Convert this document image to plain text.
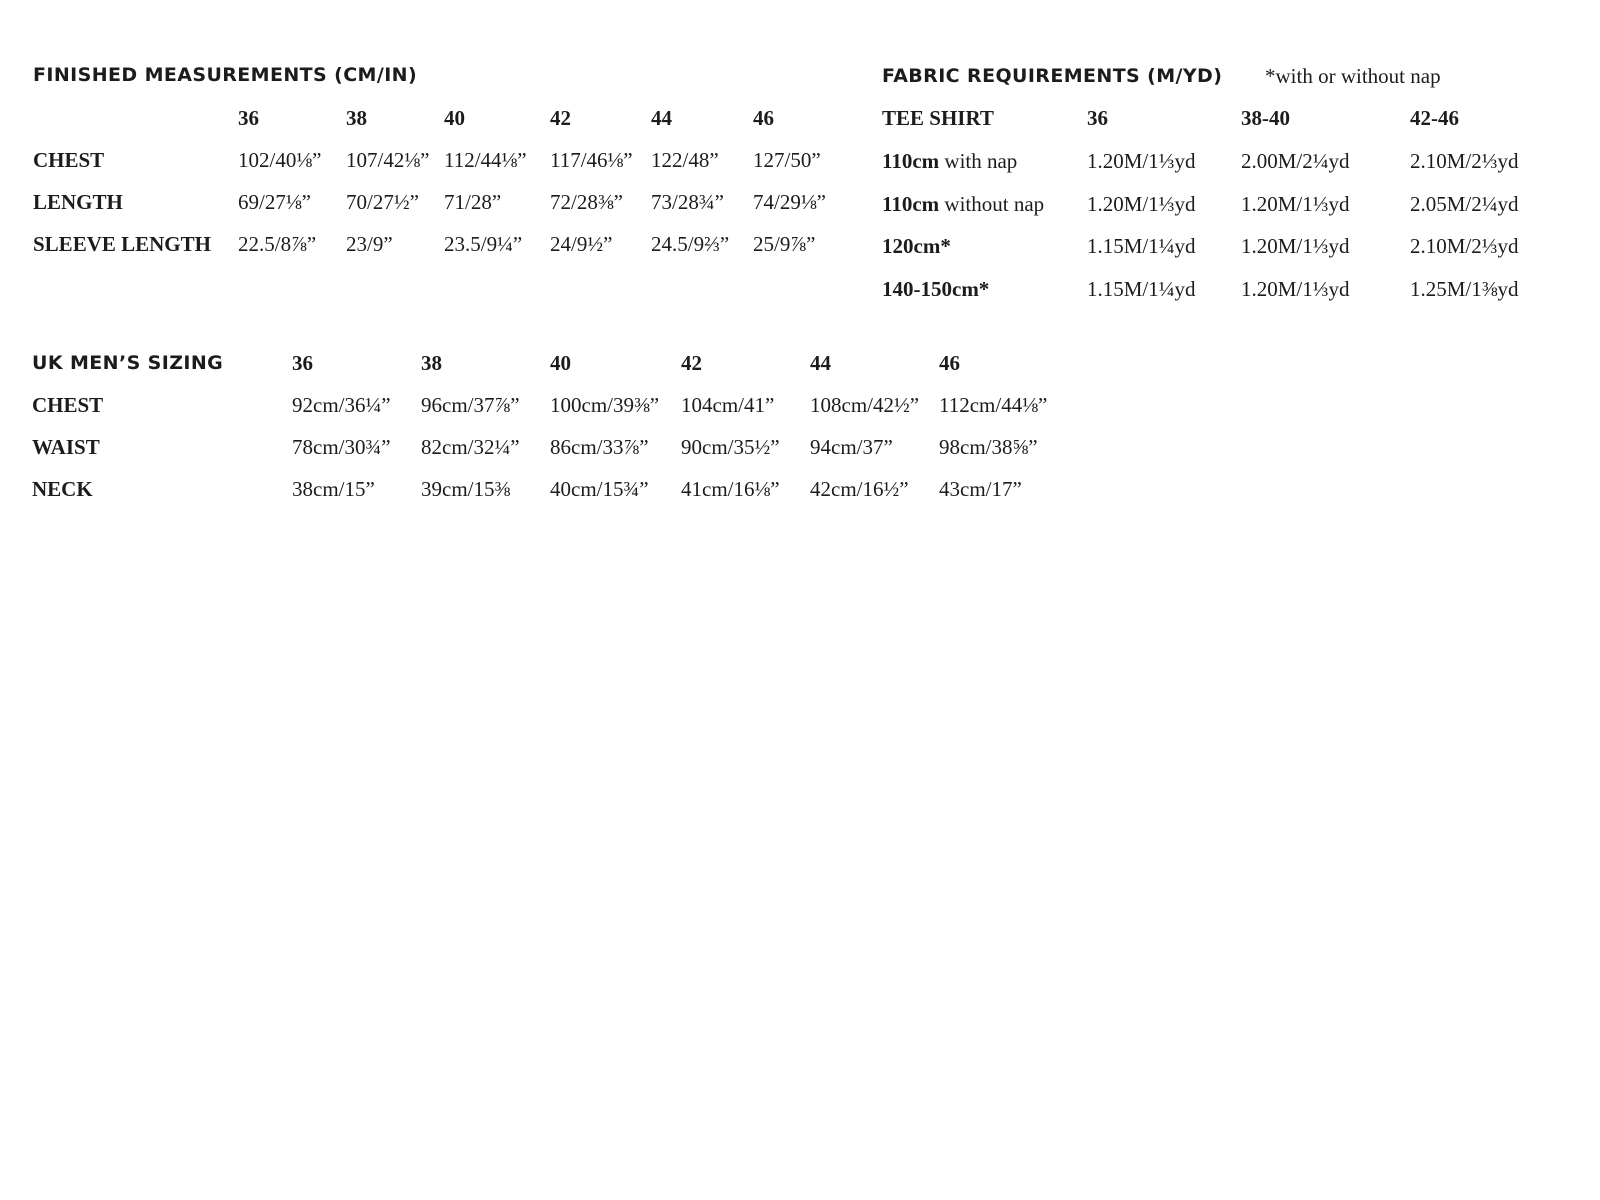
FINISHED MEASUREMENTS (CM/IN)
36	38	40	42	44	46
CHEST	102/40⅛” 107/42⅛” 112/44⅛” 117/46⅛” 122/48” 127/50”
LENGTH	69/27⅛” 70/27½” 71/28” 72/28⅜” 73/28¾” 74/29⅛”
SLEEVE LENGTH 22.5/8⅞” 23/9” 23.5/9¼” 24/9½” 24.5/9⅔” 25/9⅞”
FABRIC REQUIREMENTS (M/YD) *with or without nap
TEE SHIRT	36	38-40	42-46
110cm with nap	1.20M/1⅓yd 2.00M/2¼yd	2.10M/2⅓yd
110cm without nap 1.20M/1⅓yd 1.20M/1⅓yd	2.05M/2¼yd
120cm*	1.15M/1¼yd 1.20M/1⅓yd	2.10M/2⅓yd
140-150cm*	1.15M/1¼yd 1.20M/1⅓yd	1.25M/1⅜yd
UK MEN’S SIZING	36	38	40	42	44	46
CHEST	92cm/36¼” 96cm/37⅞” 100cm/39⅜” 104cm/41” 108cm/42½” 112cm/44⅛”
WAIST	78cm/30¾” 82cm/32¼” 86cm/33⅞” 90cm/35½” 94cm/37” 98cm/38⅝”
NECK	38cm/15” 39cm/15⅜ 40cm/15¾” 41cm/16⅛” 42cm/16½” 43cm/17”
